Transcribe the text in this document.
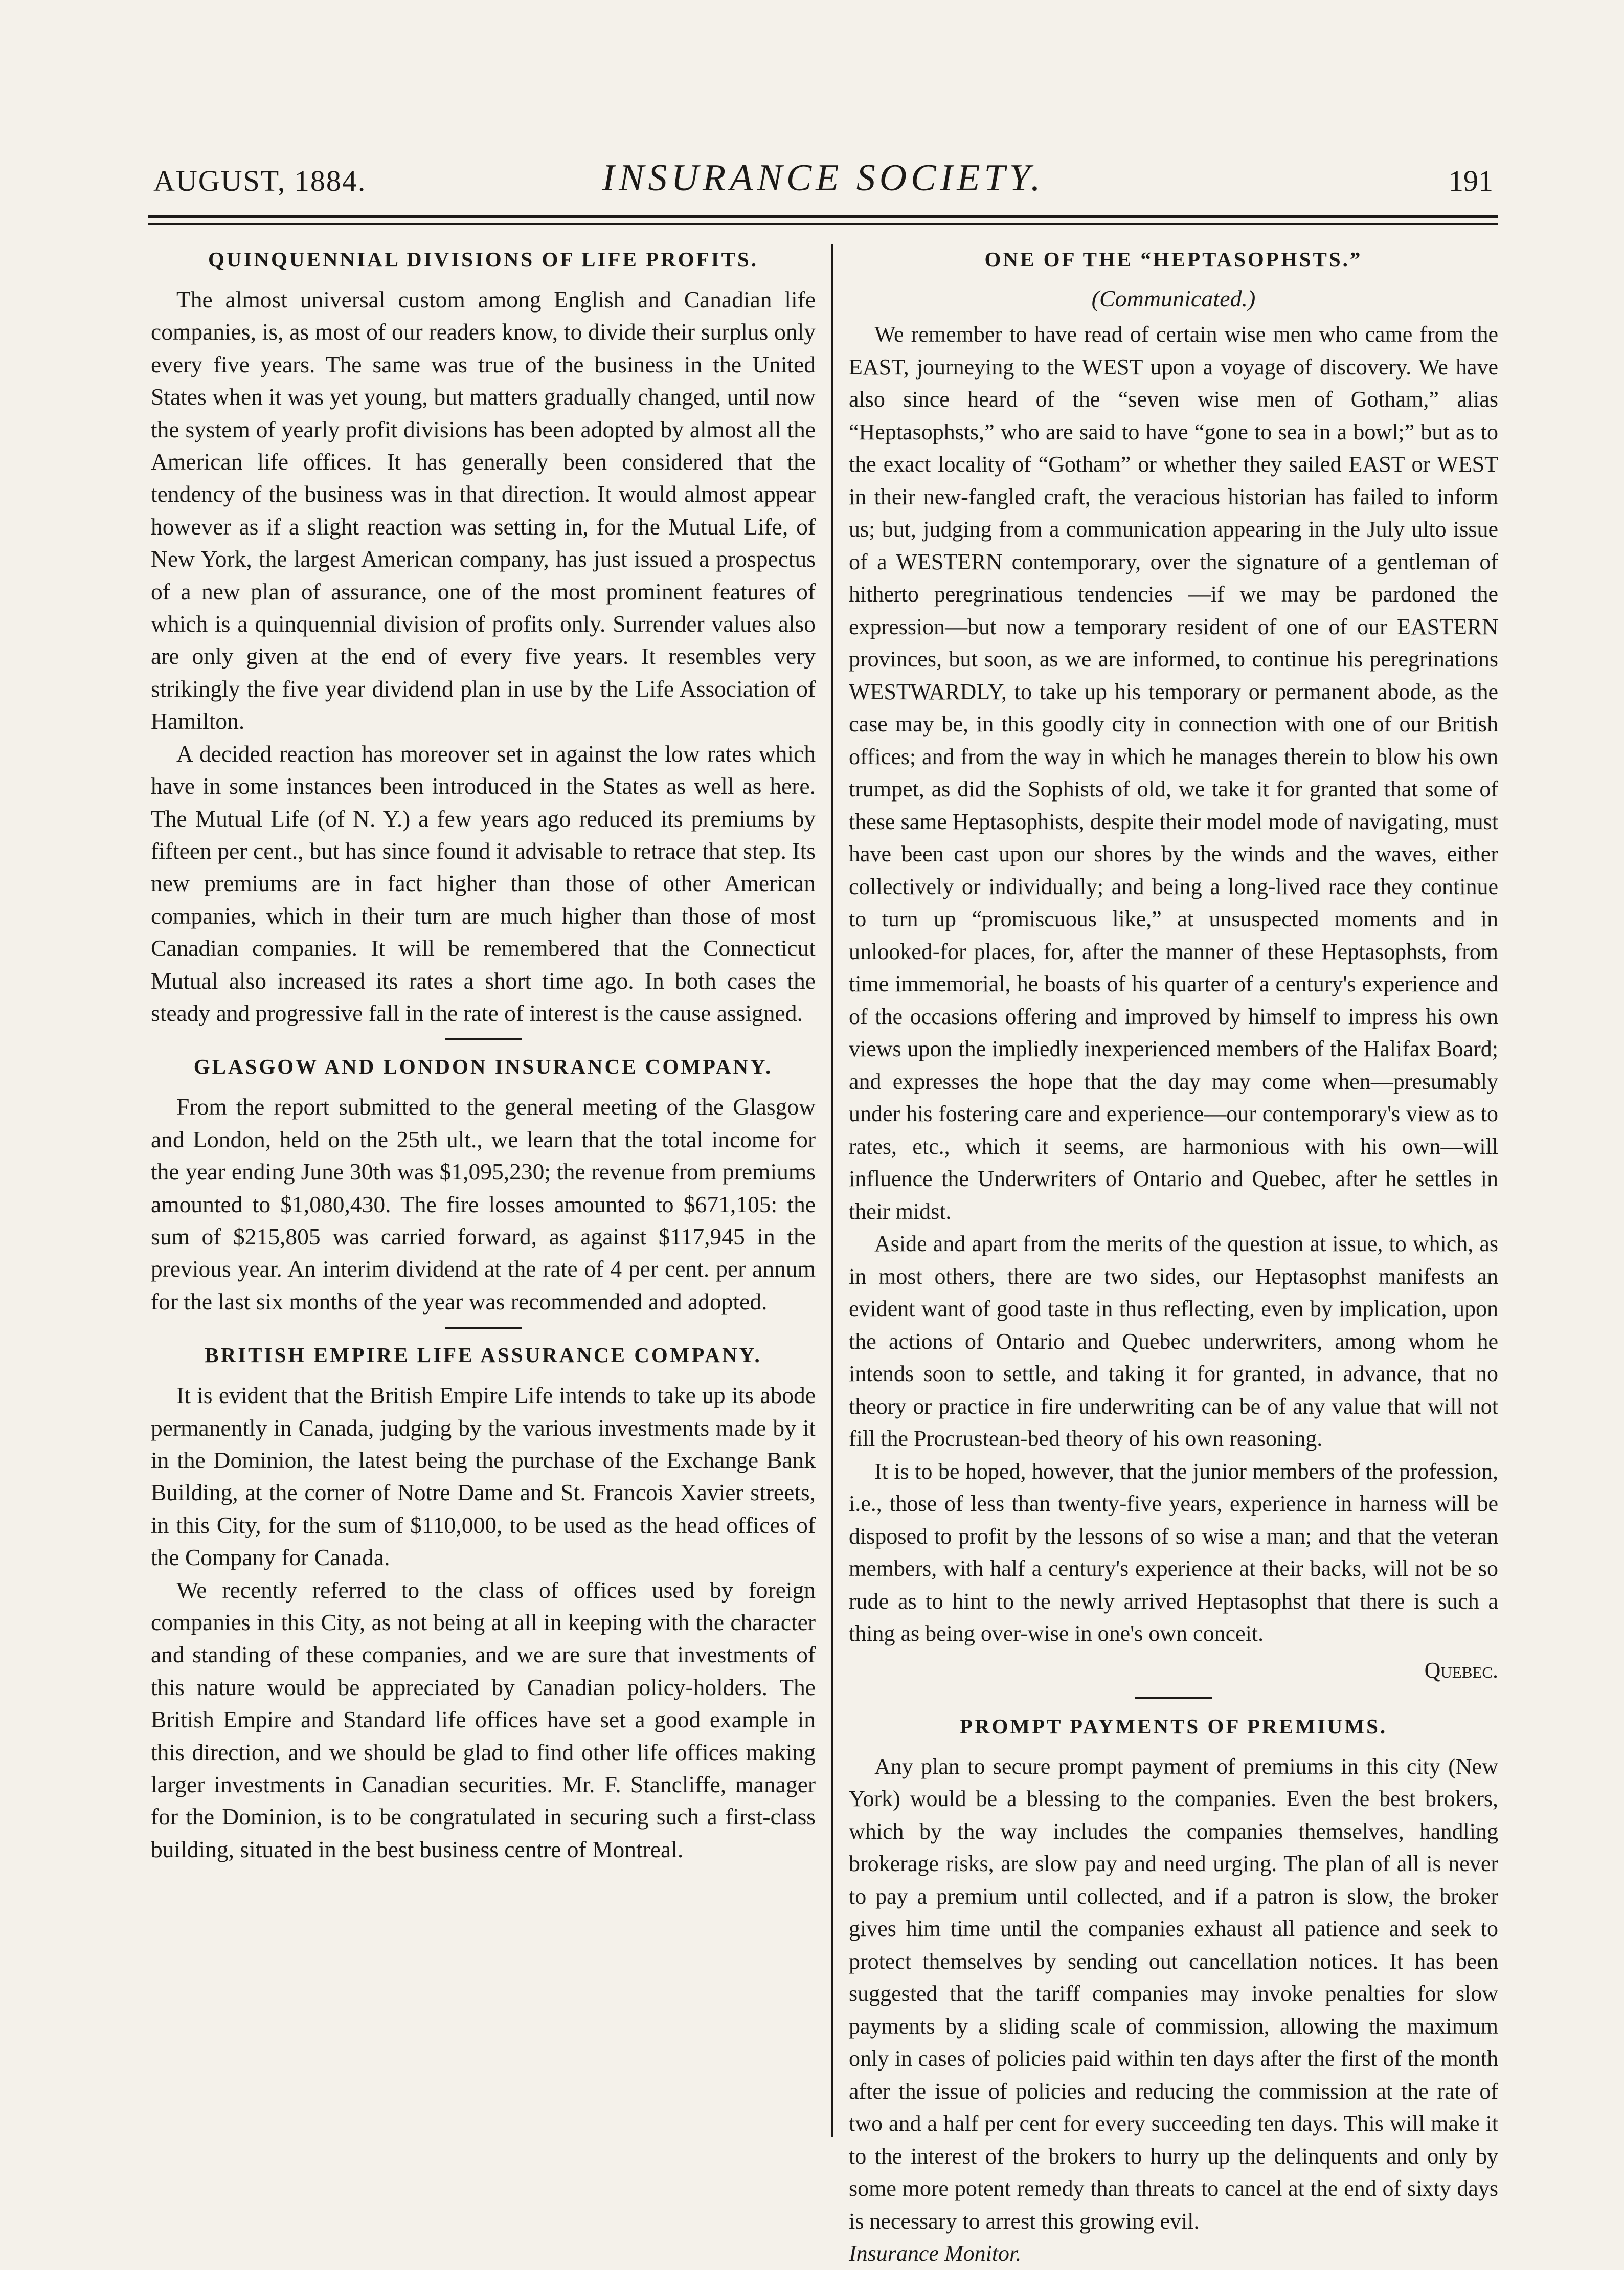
AUGUST, 1884.	INSURANCE SOCIETY.	191
QUINQUENNIAL DIVISIONS OF LIFE PROFITS.

The almost universal custom among English and Canadian life companies, is, as most of our readers know, to divide their surplus only every five years. The same was true of the business in the United States when it was yet young, but matters gradually changed, until now the system of yearly profit divisions has been adopted by almost all the American life offices. It has generally been considered that the tendency of the business was in that direction. It would almost appear however as if a slight reaction was setting in, for the Mutual Life, of New York, the largest American company, has just issued a prospectus of a new plan of assurance, one of the most prominent features of which is a quinquennial division of profits only. Surrender values also are only given at the end of every five years. It resembles very strikingly the five year dividend plan in use by the Life Association of Hamilton.

A decided reaction has moreover set in against the low rates which have in some instances been introduced in the States as well as here. The Mutual Life (of N. Y.) a few years ago reduced its premiums by fifteen per cent., but has since found it advisable to retrace that step. Its new premiums are in fact higher than those of other American companies, which in their turn are much higher than those of most Canadian companies. It will be remembered that the Connecticut Mutual also increased its rates a short time ago. In both cases the steady and progressive fall in the rate of interest is the cause assigned.

GLASGOW AND LONDON INSURANCE COMPANY.

From the report submitted to the general meeting of the Glasgow and London, held on the 25th ult., we learn that the total income for the year ending June 30th was $1,095,230; the revenue from premiums amounted to $1,080,430. The fire losses amounted to $671,105: the sum of $215,805 was carried forward, as against $117,945 in the previous year. An interim dividend at the rate of 4 per cent. per annum for the last six months of the year was recommended and adopted.

BRITISH EMPIRE LIFE ASSURANCE COMPANY.

It is evident that the British Empire Life intends to take up its abode permanently in Canada, judging by the various investments made by it in the Dominion, the latest being the purchase of the Exchange Bank Building, at the corner of Notre Dame and St. Francois Xavier streets, in this City, for the sum of $110,000, to be used as the head offices of the Company for Canada.

We recently referred to the class of offices used by foreign companies in this City, as not being at all in keeping with the character and standing of these companies, and we are sure that investments of this nature would be appreciated by Canadian policy-holders. The British Empire and Standard life offices have set a good example in this direction, and we should be glad to find other life offices making larger investments in Canadian securities. Mr. F. Stancliffe, manager for the Dominion, is to be congratulated in securing such a first-class building, situated in the best business centre of Montreal.

ONE OF THE “HEPTASOPHSTS.”
(Communicated.)

We remember to have read of certain wise men who came from the EAST, journeying to the WEST upon a voyage of discovery. We have also since heard of the “seven wise men of Gotham,” alias “Heptasophsts,” who are said to have “gone to sea in a bowl;” but as to the exact locality of “Gotham” or whether they sailed EAST or WEST in their new-fangled craft, the veracious historian has failed to inform us; but, judging from a communication appearing in the July ulto issue of a WESTERN contemporary, over the signature of a gentleman of hitherto peregrinatious tendencies —if we may be pardoned the expression—but now a temporary resident of one of our EASTERN provinces, but soon, as we are informed, to continue his peregrinations WESTWARDLY, to take up his temporary or permanent abode, as the case may be, in this goodly city in connection with one of our British offices; and from the way in which he manages therein to blow his own trumpet, as did the Sophists of old, we take it for granted that some of these same Heptasophists, despite their model mode of navigating, must have been cast upon our shores by the winds and the waves, either collectively or individually; and being a long-lived race they continue to turn up “promiscuous like,” at unsuspected moments and in unlooked-for places, for, after the manner of these Heptasophsts, from time immemorial, he boasts of his quarter of a century's experience and of the occasions offering and improved by himself to impress his own views upon the impliedly inexperienced members of the Halifax Board; and expresses the hope that the day may come when—presumably under his fostering care and experience—our contemporary's view as to rates, etc., which it seems, are harmonious with his own—will influence the Underwriters of Ontario and Quebec, after he settles in their midst.

Aside and apart from the merits of the question at issue, to which, as in most others, there are two sides, our Heptasophst manifests an evident want of good taste in thus reflecting, even by implication, upon the actions of Ontario and Quebec underwriters, among whom he intends soon to settle, and taking it for granted, in advance, that no theory or practice in fire underwriting can be of any value that will not fill the Procrustean-bed theory of his own reasoning.

It is to be hoped, however, that the junior members of the profession, i.e., those of less than twenty-five years, experience in harness will be disposed to profit by the lessons of so wise a man; and that the veteran members, with half a century's experience at their backs, will not be so rude as to hint to the newly arrived Heptasophst that there is such a thing as being over-wise in one's own conceit.

Quebec.

PROMPT PAYMENTS OF PREMIUMS.

Any plan to secure prompt payment of premiums in this city (New York) would be a blessing to the companies. Even the best brokers, which by the way includes the companies themselves, handling brokerage risks, are slow pay and need urging. The plan of all is never to pay a premium until collected, and if a patron is slow, the broker gives him time until the companies exhaust all patience and seek to protect themselves by sending out cancellation notices. It has been suggested that the tariff companies may invoke penalties for slow payments by a sliding scale of commission, allowing the maximum only in cases of policies paid within ten days after the first of the month after the issue of policies and reducing the commission at the rate of two and a half per cent for every succeeding ten days. This will make it to the interest of the brokers to hurry up the delinquents and only by some more potent remedy than threats to cancel at the end of sixty days is necessary to arrest this growing evil.

Insurance Monitor.
